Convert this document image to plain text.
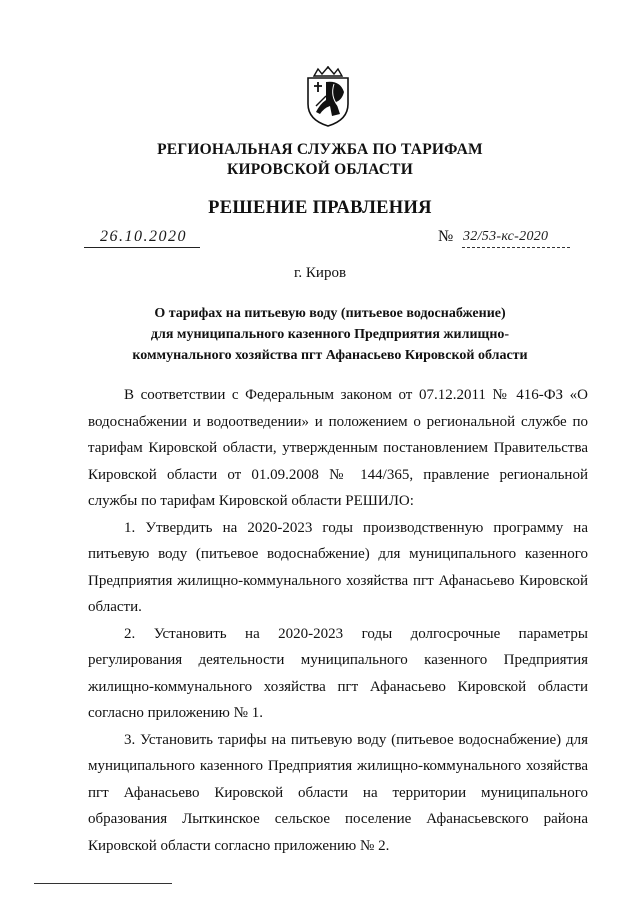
РЕГИОНАЛЬНАЯ СЛУЖБА ПО ТАРИФАМ
КИРОВСКОЙ ОБЛАСТИ
РЕШЕНИЕ ПРАВЛЕНИЯ
26.10.2020	№ 32/53-кс-2020
г. Киров
О тарифах на питьевую воду (питьевое водоснабжение)
для муниципального казенного Предприятия жилищно-
коммунального хозяйства пгт Афанасьево Кировской области

В соответствии с Федеральным законом от 07.12.2011 № 416-ФЗ «О водоснабжении и водоотведении» и положением о региональной службе по тарифам Кировской области, утвержденным постановлением Правительства Кировской области от 01.09.2008 № 144/365, правление региональной службы по тарифам Кировской области РЕШИЛО:

1. Утвердить на 2020-2023 годы производственную программу на питьевую воду (питьевое водоснабжение) для муниципального казенного Предприятия жилищно-коммунального хозяйства пгт Афанасьево Кировской области.

2. Установить на 2020-2023 годы долгосрочные параметры регулирования деятельности муниципального казенного Предприятия жилищно-коммунального хозяйства пгт Афанасьево Кировской области согласно приложению № 1.

3. Установить тарифы на питьевую воду (питьевое водоснабжение) для муниципального казенного Предприятия жилищно-коммунального хозяйства пгт Афанасьево Кировской области на территории муниципального образования Лыткинское сельское поселение Афанасьевского района Кировской области согласно приложению № 2.
